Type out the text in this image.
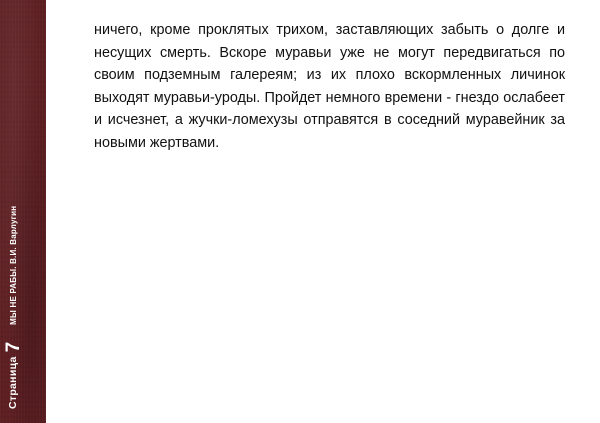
Страница
7
МЫ НЕ РАБЫ. В.И. Варлугин

ничего, кроме проклятых трихом, заставляющих забыть о долге и несущих смерть. Вскоре муравьи уже не могут передвигаться по своим подземным галереям; из их плохо вскормленных личинок выходят муравьи-уроды. Пройдет немного времени - гнездо ослабеет и исчезнет, а жучки-ломехузы отправятся в соседний муравейник за новыми жертвами.
